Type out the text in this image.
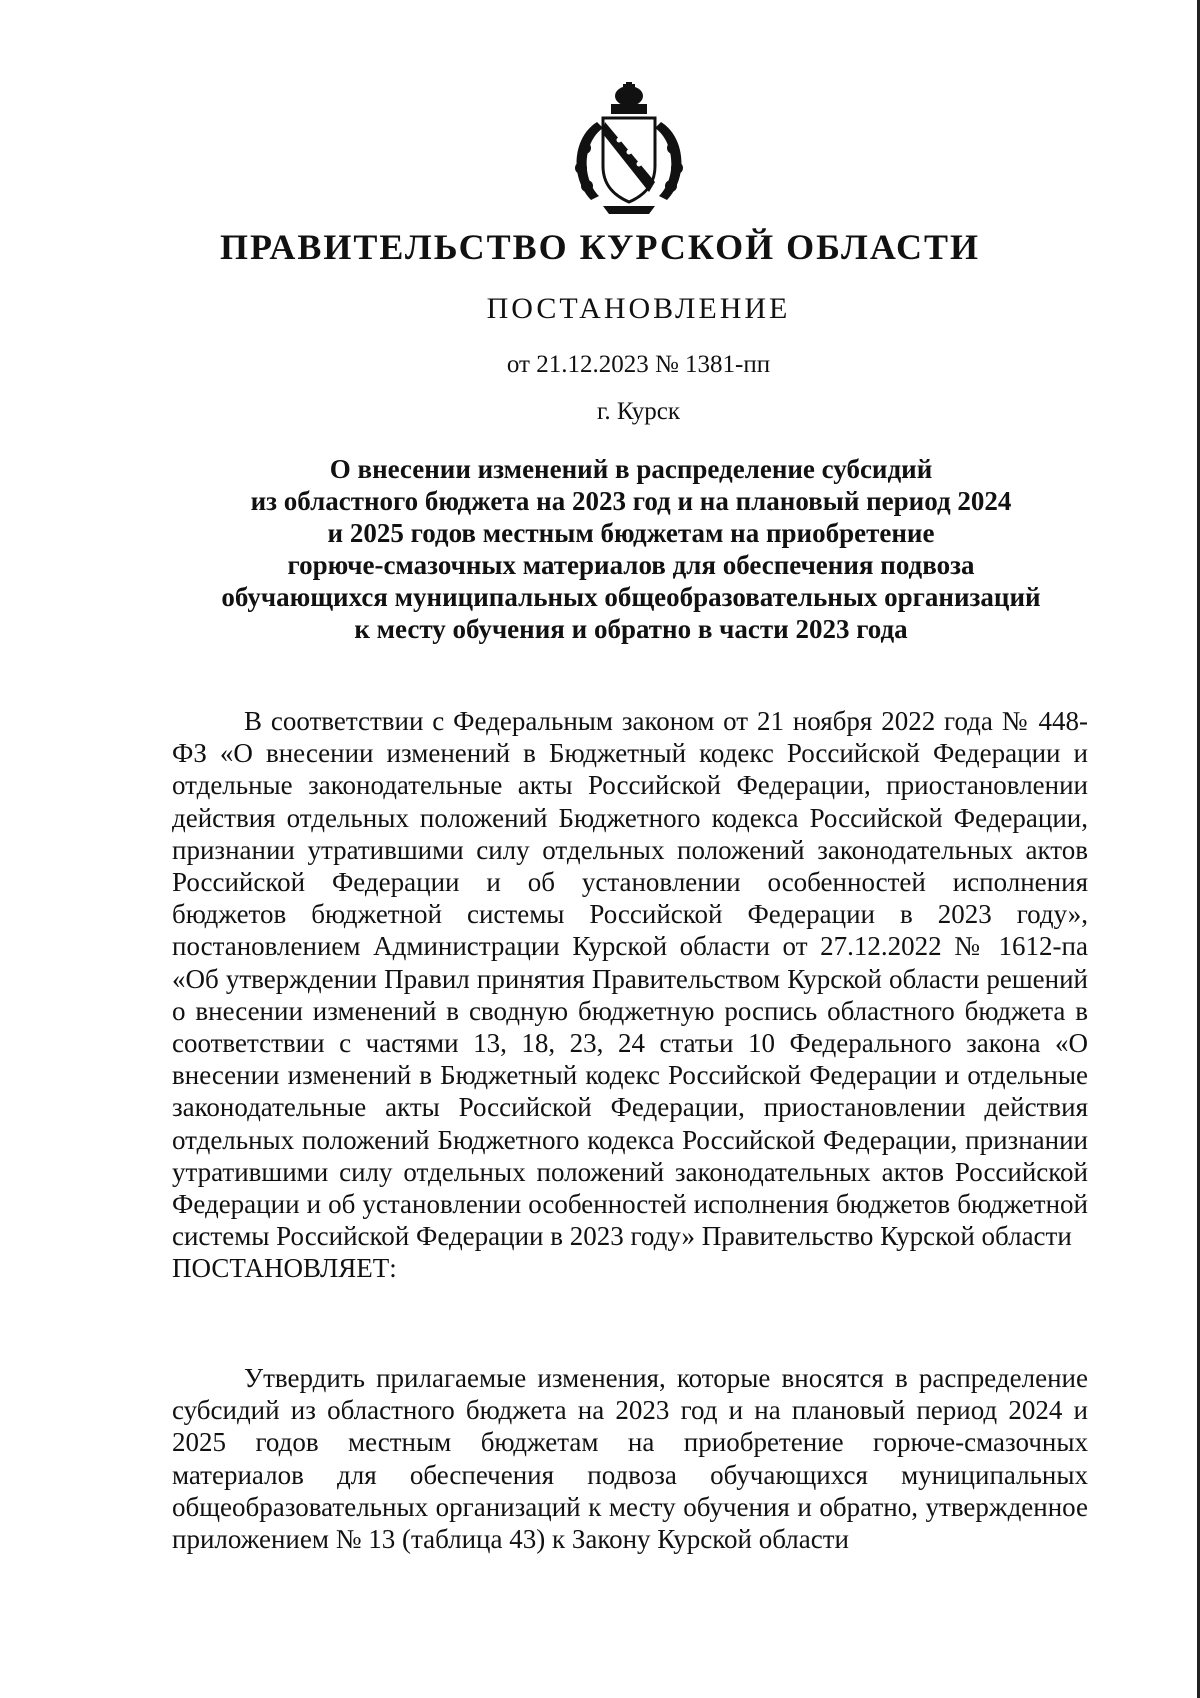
ПРАВИТЕЛЬСТВО КУРСКОЙ ОБЛАСТИ
ПОСТАНОВЛЕНИЕ
от 21.12.2023 № 1381-пп
г. Курск
О внесении изменений в распределение субсидий
из областного бюджета на 2023 год и на плановый период 2024
и 2025 годов местным бюджетам на приобретение
горюче-смазочных материалов для обеспечения подвоза
обучающихся муниципальных общеобразовательных организаций
к месту обучения и обратно в части 2023 года

В соответствии с Федеральным законом от 21 ноября 2022 года № 448-ФЗ «О внесении изменений в Бюджетный кодекс Российской Федерации и отдельные законодательные акты Российской Федерации, приостановлении действия отдельных положений Бюджетного кодекса Российской Федерации, признании утратившими силу отдельных положений законодательных актов Российской Федерации и об установлении особенностей исполнения бюджетов бюджетной системы Российской Федерации в 2023 году», постановлением Администрации Курской области от 27.12.2022 № 1612-па «Об утверждении Правил принятия Правительством Курской области решений о внесении изменений в сводную бюджетную роспись областного бюджета в соответствии с частями 13, 18, 23, 24 статьи 10 Федерального закона «О внесении изменений в Бюджетный кодекс Российской Федерации и отдельные законодательные акты Российской Федерации, приостановлении действия отдельных положений Бюджетного кодекса Российской Федерации, признании утратившими силу отдельных положений законодательных актов Российской Федерации и об установлении особенностей исполнения бюджетов бюджетной системы Российской Федерации в 2023 году» Правительство Курской области

ПОСТАНОВЛЯЕТ:

Утвердить прилагаемые изменения, которые вносятся в распределение субсидий из областного бюджета на 2023 год и на плановый период 2024 и 2025 годов местным бюджетам на приобретение горюче-смазочных материалов для обеспечения подвоза обучающихся муниципальных общеобразовательных организаций к месту обучения и обратно, утвержденное приложением № 13 (таблица 43) к Закону Курской области
